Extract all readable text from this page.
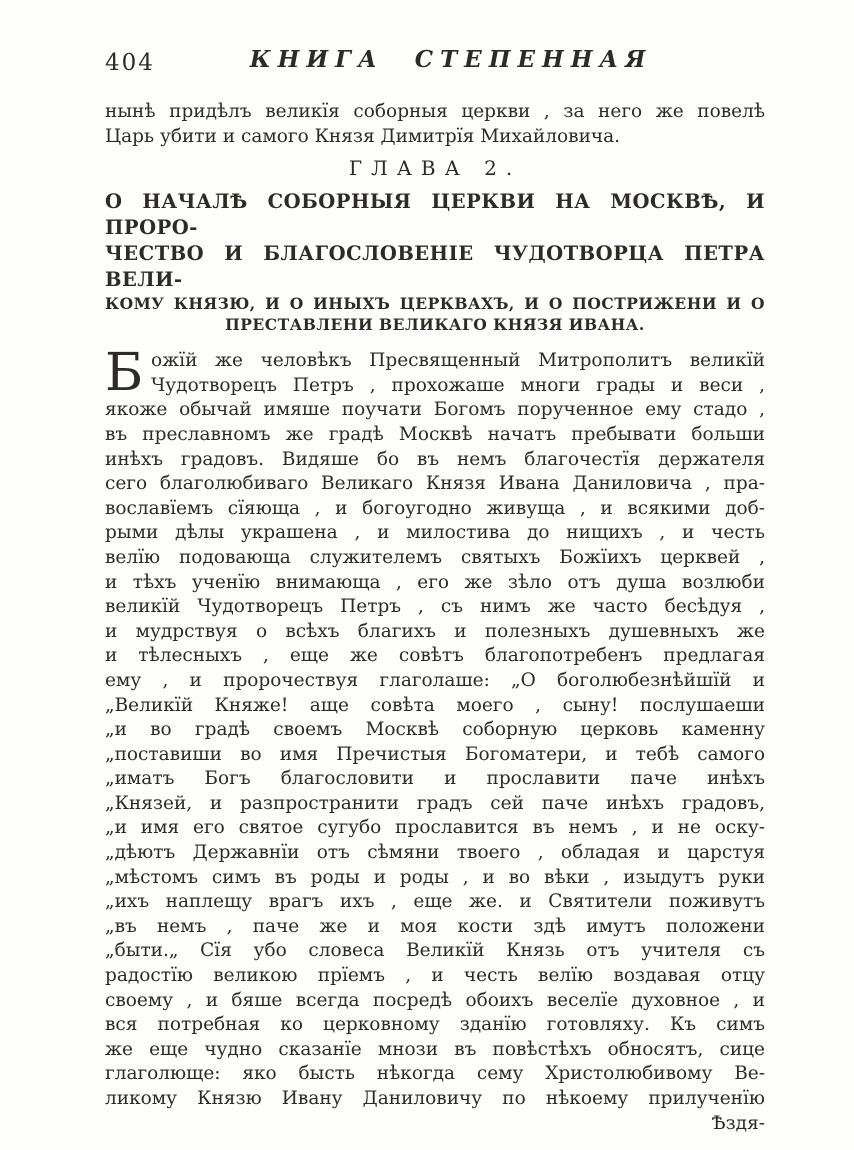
404	КНИГА СТЕПЕННАЯ
нынѣ придѣлъ великїя соборныя церкви , за него же повелѣ
Царь убити и самого Князя Димитрїя Михайловича.
ГЛАВА 2.
О НАЧАЛѢ СОБОРНЫЯ ЦЕРКВИ НА МОСКВѢ, И ПРОРО-
ЧЕСТВО И БЛАГОСЛОВЕНІЕ ЧУДОТВОРЦА ПЕТРА ВЕЛИ-
КОМУ КНЯЗЮ, И О ИНЫХЪ ЦЕРКВАХЪ, И О ПОСТРИЖЕНИ И О
ПРЕСТАВЛЕНИ ВЕЛИКАГО КНЯЗЯ ИВАНА.
Б ожїй же человѣкъ Пресвященный Митрополитъ великїй
Чудотворецъ Петръ , прохожаше многи грады и веси ,
якоже обычай имяше поучати Богомъ порученное ему стадо ,
въ преславномъ же градѣ Москвѣ начатъ пребывати больши
инѣхъ градовъ. Видяше бо въ немъ благочестїя держателя
сего благолюбиваго Великаго Князя Ивана Даниловича , пра-
вославїемъ сїяюща , и богоугодно живуща , и всякими доб-
рыми дѣлы украшена , и милостива до нищихъ , и честь
велїю подовающа служителемъ святыхъ Божїихъ церквей ,
и тѣхъ ученїю внимающа , его же зѣло отъ душа возлюби
великїй Чудотворецъ Петръ , съ нимъ же часто бесѣдуя ,
и мудрствуя о всѣхъ благихъ и полезныхъ душевныхъ же
и тѣлесныхъ , еще же совѣтъ благопотребенъ предлагая
ему , и пророчествуя глаголаше: „О боголюбезнѣйшїй и
„Великїй Княже! аще совѣта моего , сыну! послушаеши
„и во градѣ своемъ Москвѣ соборную церковь каменну
„поставиши во имя Пречистыя Богоматери, и тебѣ самого
„иматъ Богъ благословити и прославити паче инѣхъ
„Князей, и разпространити градъ сей паче инѣхъ градовъ,
„и имя его святое сугубо прославится въ немъ , и не оску-
„дѣютъ Державнїи отъ сѣмяни твоего , обладая и царстуя
„мѣстомъ симъ въ роды и роды , и во вѣки , изыдутъ руки
„ихъ наплещу врагъ ихъ , еще же. и Святители поживутъ
„въ немъ , паче же и моя кости здѣ имутъ положени
„быти.„ Сїя убо словеса Великїй Князь отъ учителя съ
радостїю великою прїемъ , и честь велїю воздавая отцу
своему , и бяше всегда посредѣ обоихъ веселїе духовное , и
вся потребная ко церковному зданїю готовляху. Къ симъ
же еще чудно сказанїе мнози въ повѣстѣхъ обносятъ, сице
глаголюще: яко бысть нѣкогда сему Христолюбивому Ве-
ликому Князю Ивану Даниловичу по нѣкоему прилученїю
Ѣздя-
